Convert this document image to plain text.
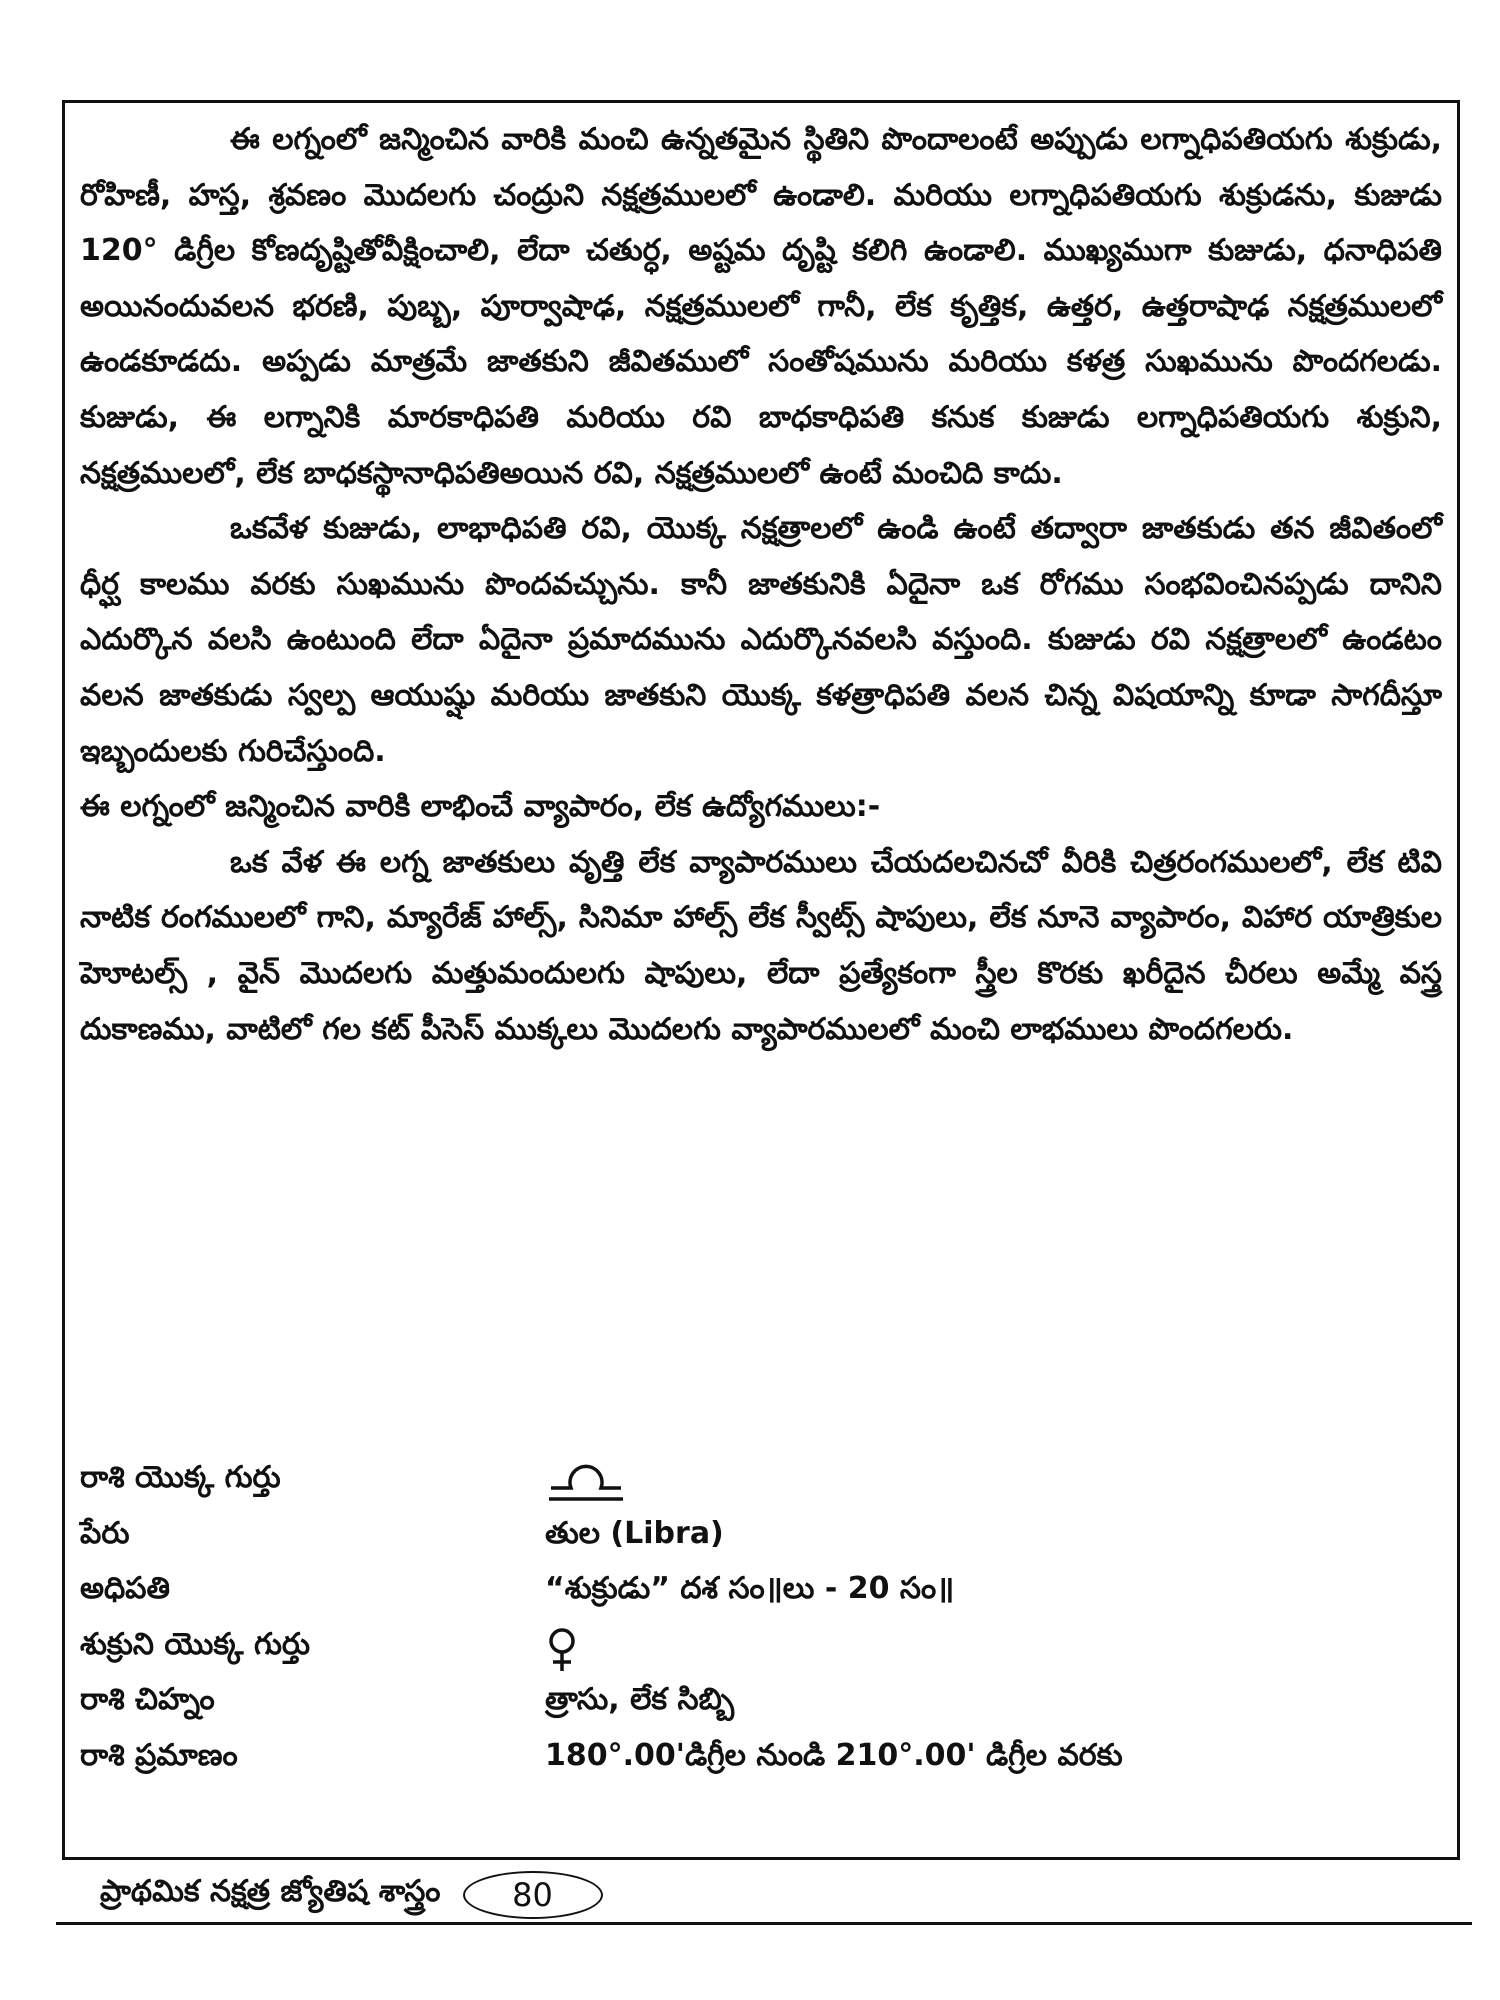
ఈ లగ్నంలో జన్మించిన వారికి మంచి ఉన్నతమైన స్థితిని పొందాలంటే అప్పుడు లగ్నాధిపతియగు శుక్రుడు, రోహిణీ, హస్త, శ్రవణం మొదలగు చంద్రుని నక్షత్రములలో ఉండాలి. మరియు లగ్నాధిపతియగు శుక్రుడను, కుజుడు 120° డిగ్రీల కోణదృష్టితోవీక్షించాలి, లేదా చతుర్ధ, అష్టమ దృష్టి కలిగి ఉండాలి. ముఖ్యముగా కుజుడు, ధనాధిపతి అయినందువలన భరణి, పుబ్బ, పూర్వాషాఢ, నక్షత్రములలో గానీ, లేక కృత్తిక, ఉత్తర, ఉత్తరాషాఢ నక్షత్రములలో ఉండకూడదు. అప్పడు మాత్రమే జాతకుని జీవితములో సంతోషమును మరియు కళత్ర సుఖమును పొందగలడు. కుజుడు, ఈ లగ్నానికి మారకాధిపతి మరియు రవి బాధకాధిపతి కనుక కుజుడు లగ్నాధిపతియగు శుక్రుని, నక్షత్రములలో, లేక బాధకస్థానాధిపతిఅయిన రవి, నక్షత్రములలో ఉంటే మంచిది కాదు.

ఒకవేళ కుజుడు, లాభాధిపతి రవి, యొక్క నక్షత్రాలలో ఉండి ఉంటే తద్వారా జాతకుడు తన జీవితంలో ధీర్ఘ కాలము వరకు సుఖమును పొందవచ్చును. కానీ జాతకునికి ఏదైనా ఒక రోగము సంభవించినప్పడు దానిని ఎదుర్కొన వలసి ఉంటుంది లేదా ఏదైనా ప్రమాదమును ఎదుర్కొనవలసి వస్తుంది. కుజుడు రవి నక్షత్రాలలో ఉండటం వలన జాతకుడు స్వల్ప ఆయుష్షు మరియు జాతకుని యొక్క కళత్రాధిపతి వలన చిన్న విషయాన్ని కూడా సాగదీస్తూ ఇబ్బందులకు గురిచేస్తుంది.

ఈ లగ్నంలో జన్మించిన వారికి లాభించే వ్యాపారం, లేక ఉద్యోగములు:-

ఒక వేళ ఈ లగ్న జాతకులు వృత్తి లేక వ్యాపారములు చేయదలచినచో వీరికి చిత్రరంగములలో, లేక టివి నాటిక రంగములలో గాని, మ్యారేజ్ హాల్స్, సినిమా హాల్స్ లేక స్వీట్స్ షాపులు, లేక నూనె వ్యాపారం, విహార యాత్రికుల హెూటల్స్ , వైన్ మొదలగు మత్తుమందులగు షాపులు, లేదా ప్రత్యేకంగా స్త్రీల కొరకు ఖరీదైన చీరలు అమ్మే వస్త్ర దుకాణము, వాటిలో గల కట్ పీసెస్ ముక్కలు మొదలగు వ్యాపారములలో మంచి లాభములు పొందగలరు.

రాశి యొక్క గుర్తు
పేరు	తుల (Libra)
అధిపతి	“శుక్రుడు” దశ సం॥లు - 20 సం॥
శుక్రుని యొక్క గుర్తు
రాశి చిహ్నం	త్రాసు, లేక సిబ్బి
రాశి ప్రమాణం	180°.00'డిగ్రీల నుండి 210°.00' డిగ్రీల వరకు
ప్రాథమిక నక్షత్ర జ్యోతిష శాస్త్రం	80
